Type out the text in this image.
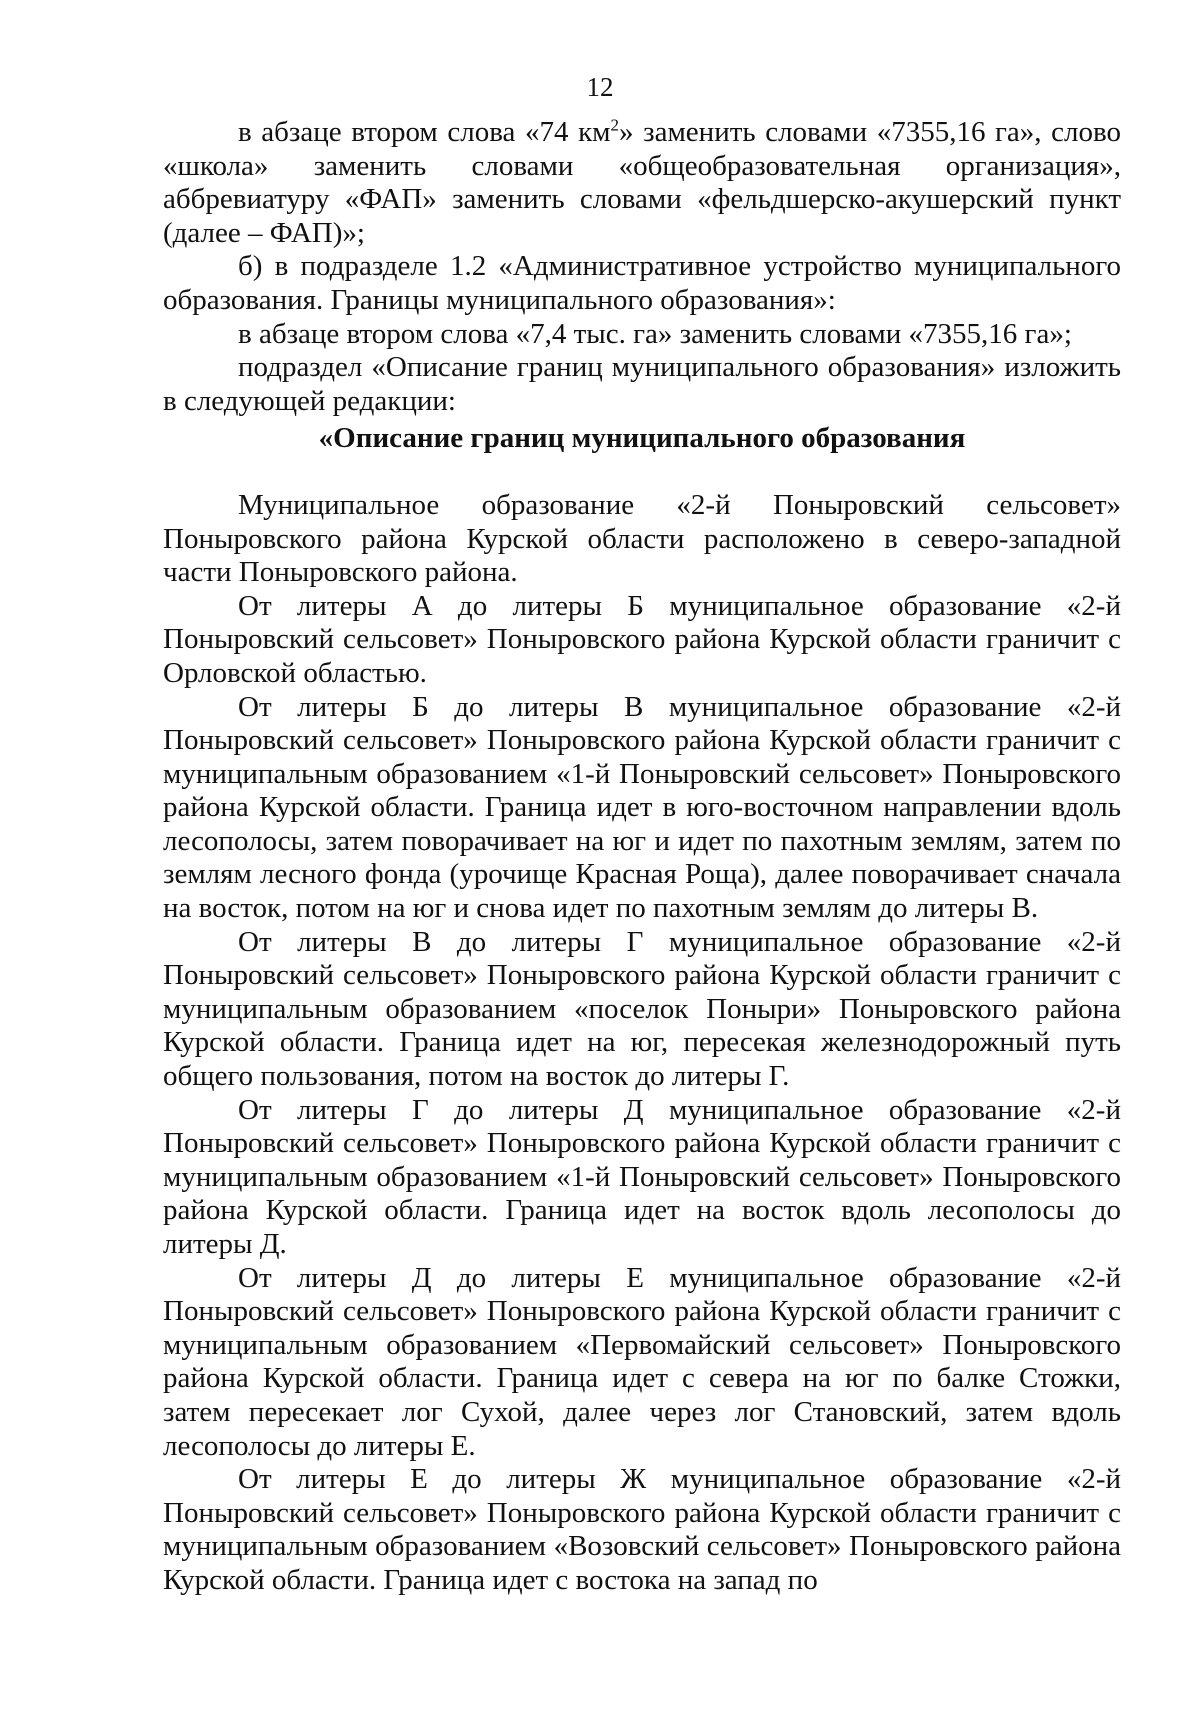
12

в абзаце втором слова «74 $км^2$» заменить словами «7355,16 га», слово «школа» заменить словами «общеобразовательная организация», аббревиатуру «ФАП» заменить словами «фельдшерско-акушерский пункт (далее – ФАП)»;

б) в подразделе 1.2 «Административное устройство муниципального образования. Границы муниципального образования»:

в абзаце втором слова «7,4 тыс. га» заменить словами «7355,16 га»;

подраздел «Описание границ муниципального образования» изложить в следующей редакции:

«Описание границ муниципального образования

Муниципальное образование «2-й Поныровский сельсовет» Поныровского района Курской области расположено в северо-западной части Поныровского района.

От литеры А до литеры Б муниципальное образование «2-й Поныровский сельсовет» Поныровского района Курской области граничит с Орловской областью.

От литеры Б до литеры В муниципальное образование «2-й Поныровский сельсовет» Поныровского района Курской области граничит с муниципальным образованием «1-й Поныровский сельсовет» Поныровского района Курской области. Граница идет в юго-восточном направлении вдоль лесополосы, затем поворачивает на юг и идет по пахотным землям, затем по землям лесного фонда (урочище Красная Роща), далее поворачивает сначала на восток, потом на юг и снова идет по пахотным землям до литеры В.

От литеры В до литеры Г муниципальное образование «2-й Поныровский сельсовет» Поныровского района Курской области граничит с муниципальным образованием «поселок Поныри» Поныровского района Курской области. Граница идет на юг, пересекая железнодорожный путь общего пользования, потом на восток до литеры Г.

От литеры Г до литеры Д муниципальное образование «2-й Поныровский сельсовет» Поныровского района Курской области граничит с муниципальным образованием «1-й Поныровский сельсовет» Поныровского района Курской области. Граница идет на восток вдоль лесополосы до литеры Д.

От литеры Д до литеры Е муниципальное образование «2-й Поныровский сельсовет» Поныровского района Курской области граничит с муниципальным образованием «Первомайский сельсовет» Поныровского района Курской области. Граница идет с севера на юг по балке Стожки, затем пересекает лог Сухой, далее через лог Становский, затем вдоль лесополосы до литеры Е.

От литеры Е до литеры Ж муниципальное образование «2-й Поныровский сельсовет» Поныровского района Курской области граничит с муниципальным образованием «Возовский сельсовет» Поныровского района Курской области. Граница идет с востока на запад по
